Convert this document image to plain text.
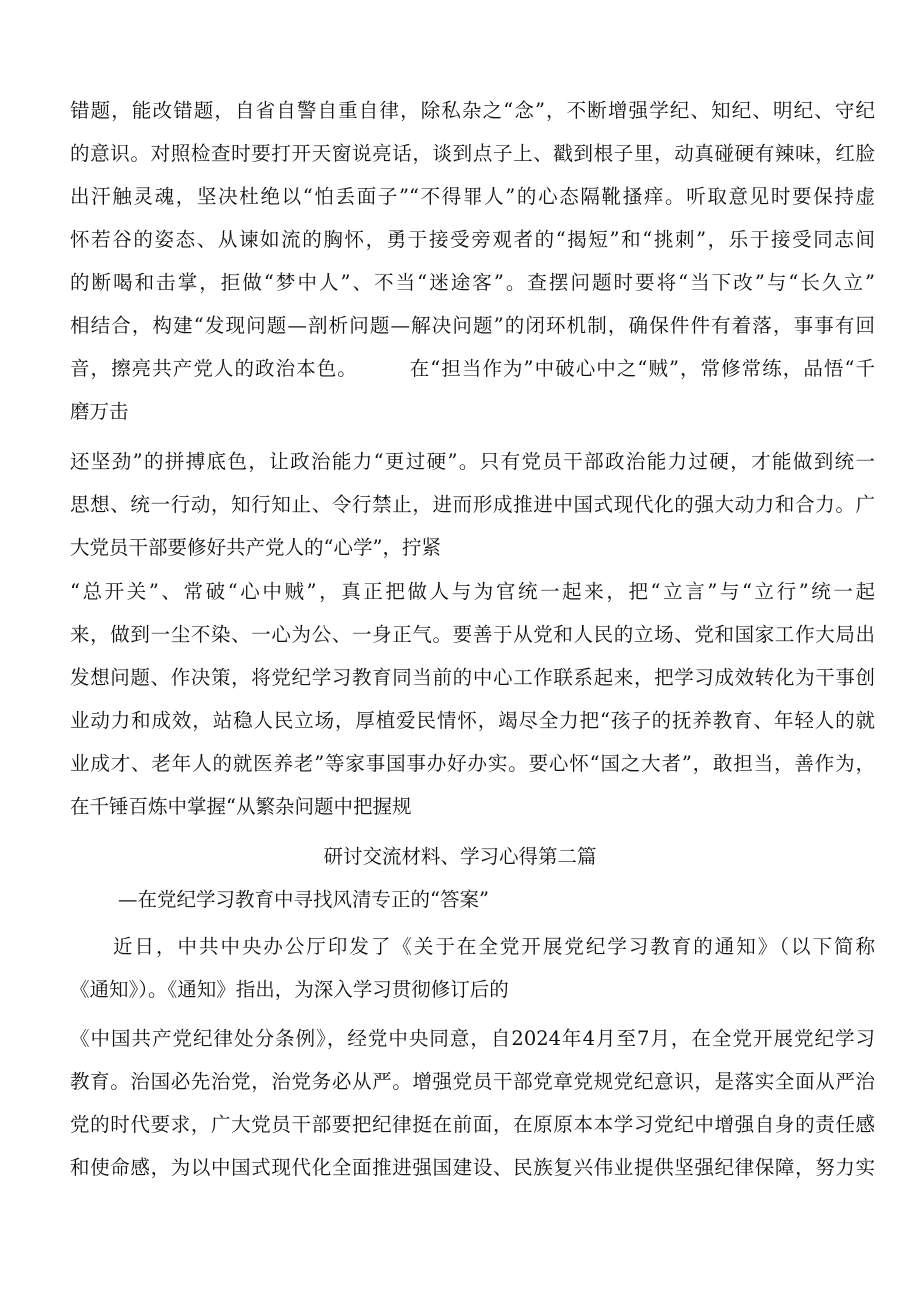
错题，能改错题，自省自警自重自律，除私杂之“念”，不断增强学纪、知纪、明纪、守纪
的意识。对照检查时要打开天窗说亮话，谈到点子上、戳到根子里，动真碰硬有辣味，红脸
出汗触灵魂，坚决杜绝以“怕丢面子”“不得罪人”的心态隔靴搔痒。听取意见时要保持虚
怀若谷的姿态、从谏如流的胸怀，勇于接受旁观者的“揭短”和“挑刺”，乐于接受同志间
的断喝和击掌，拒做“梦中人”、不当“迷途客”。查摆问题时要将“当下改”与“长久立”
相结合，构建“发现问题—剖析问题—解决问题”的闭环机制，确保件件有着落，事事有回
音，擦亮共产党人的政治本色。　　　在“担当作为”中破心中之“贼”，常修常练，品悟“千
磨万击
还坚劲”的拼搏底色，让政治能力“更过硬”。只有党员干部政治能力过硬，才能做到统一
思想、统一行动，知行知止、令行禁止，进而形成推进中国式现代化的强大动力和合力。广
大党员干部要修好共产党人的“心学”，拧紧
“总开关”、常破“心中贼”，真正把做人与为官统一起来，把“立言”与“立行”统一起
来，做到一尘不染、一心为公、一身正气。要善于从党和人民的立场、党和国家工作大局出
发想问题、作决策，将党纪学习教育同当前的中心工作联系起来，把学习成效转化为干事创
业动力和成效，站稳人民立场，厚植爱民情怀，竭尽全力把“孩子的抚养教育、年轻人的就
业成才、老年人的就医养老”等家事国事办好办实。要心怀“国之大者”，敢担当，善作为，
在千锤百炼中掌握“从繁杂问题中把握规
研讨交流材料、学习心得第二篇
—在党纪学习教育中寻找风清专正的“答案”
　　近日，中共中央办公厅印发了《关于在全党开展党纪学习教育的通知》（以下简称
《通知》）。《通知》指出，为深入学习贯彻修订后的
《中国共产党纪律处分条例》，经党中央同意，自2024年4月至7月，在全党开展党纪学习
教育。治国必先治党，治党务必从严。增强党员干部党章党规党纪意识，是落实全面从严治
党的时代要求，广大党员干部要把纪律挺在前面，在原原本本学习党纪中增强自身的责任感
和使命感，为以中国式现代化全面推进强国建设、民族复兴伟业提供坚强纪律保障，努力实
